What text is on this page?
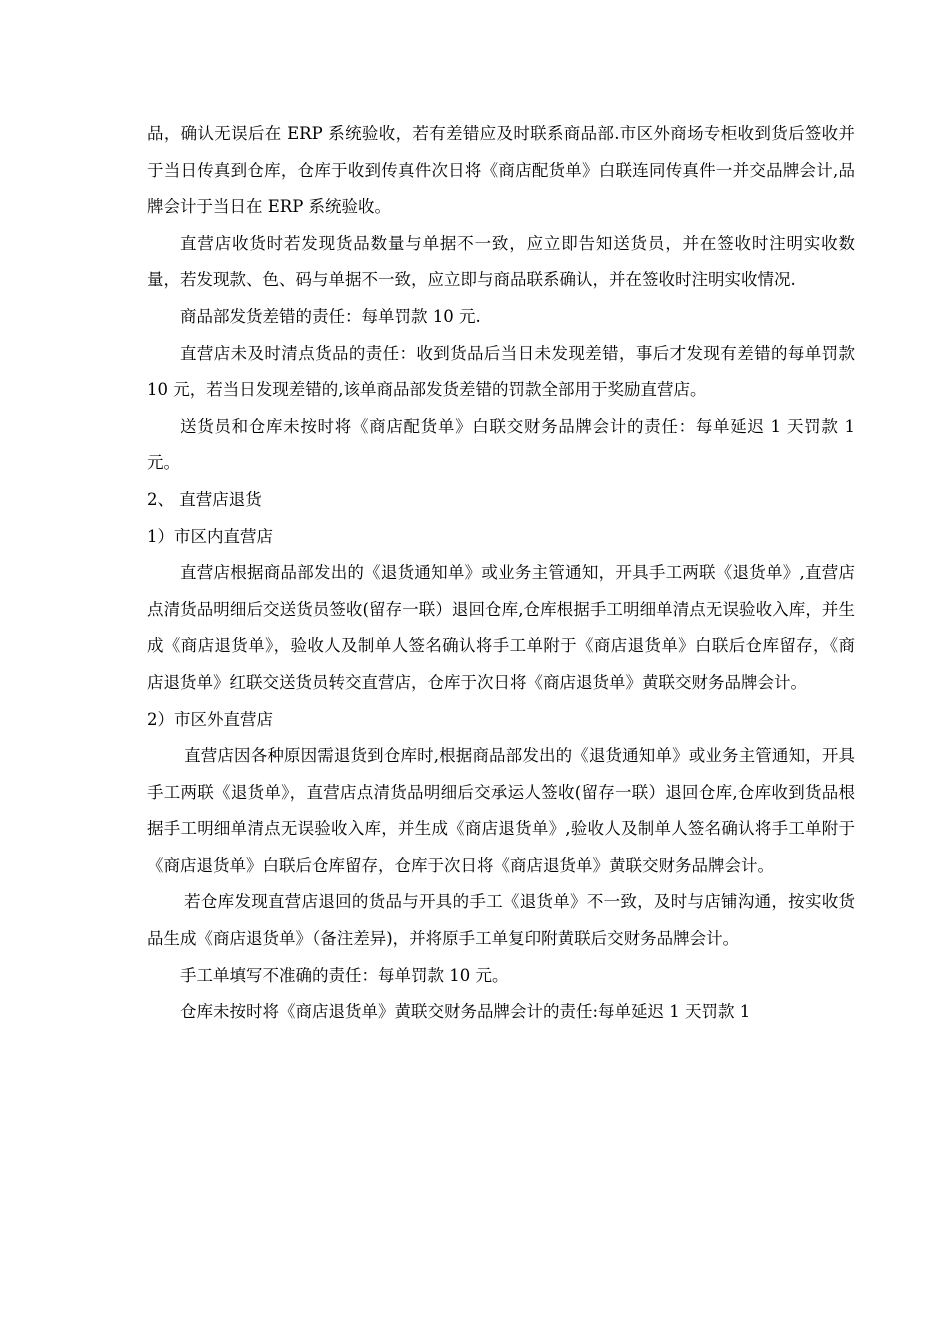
品，确认无误后在 ERP 系统验收，若有差错应及时联系商品部.市区外商场专柜收到货后签收并于当日传真到仓库，仓库于收到传真件次日将《商店配货单》白联连同传真件一并交品牌会计,品牌会计于当日在 ERP 系统验收。

直营店收货时若发现货品数量与单据不一致，应立即告知送货员，并在签收时注明实收数量，若发现款、色、码与单据不一致，应立即与商品联系确认，并在签收时注明实收情况.

商品部发货差错的责任：每单罚款 10 元.

直营店未及时清点货品的责任：收到货品后当日未发现差错，事后才发现有差错的每单罚款 10 元，若当日发现差错的,该单商品部发货差错的罚款全部用于奖励直营店。

送货员和仓库未按时将《商店配货单》白联交财务品牌会计的责任：每单延迟 1 天罚款 1 元。

2、 直营店退货

1）市区内直营店

直营店根据商品部发出的《退货通知单》或业务主管通知，开具手工两联《退货单》,直营店点清货品明细后交送货员签收(留存一联）退回仓库,仓库根据手工明细单清点无误验收入库，并生成《商店退货单》，验收人及制单人签名确认将手工单附于《商店退货单》白联后仓库留存，《商店退货单》红联交送货员转交直营店，仓库于次日将《商店退货单》黄联交财务品牌会计。

2）市区外直营店

直营店因各种原因需退货到仓库时,根据商品部发出的《退货通知单》或业务主管通知，开具手工两联《退货单》，直营店点清货品明细后交承运人签收(留存一联）退回仓库,仓库收到货品根据手工明细单清点无误验收入库，并生成《商店退货单》,验收人及制单人签名确认将手工单附于《商店退货单》白联后仓库留存，仓库于次日将《商店退货单》黄联交财务品牌会计。

若仓库发现直营店退回的货品与开具的手工《退货单》不一致，及时与店铺沟通，按实收货品生成《商店退货单》（备注差异)，并将原手工单复印附黄联后交财务品牌会计。

手工单填写不准确的责任：每单罚款 10 元。

仓库未按时将《商店退货单》黄联交财务品牌会计的责任:每单延迟 1 天罚款 1
